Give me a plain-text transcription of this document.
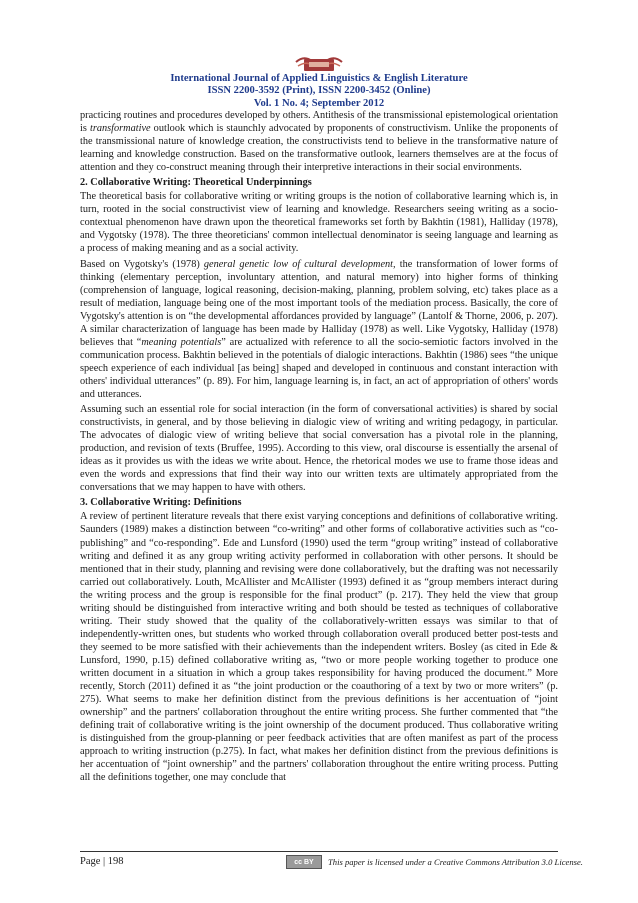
International Journal of Applied Linguistics & English Literature
ISSN 2200-3592 (Print), ISSN 2200-3452 (Online)
Vol. 1 No. 4; September 2012

practicing routines and procedures developed by others. Antithesis of the transmissional epistemological orientation is transformative outlook which is staunchly advocated by proponents of constructivism. Unlike the proponents of the transmissional nature of knowledge creation, the constructivists tend to believe in the transformative nature of learning and knowledge construction. Based on the transformative outlook, learners themselves are at the focus of attention and they co-construct meaning through their interpretive interactions in their social environments.

2. Collaborative Writing: Theoretical Underpinnings

The theoretical basis for collaborative writing or writing groups is the notion of collaborative learning which is, in turn, rooted in the social constructivist view of learning and knowledge. Researchers seeing writing as a socio-contextual phenomenon have drawn upon the theoretical frameworks set forth by Bakhtin (1981), Halliday (1978), and Vygotsky (1978). The three theoreticians' common intellectual denominator is seeing language and learning as a process of making meaning and as a social activity.

Based on Vygotsky's (1978) general genetic low of cultural development, the transformation of lower forms of thinking (elementary perception, involuntary attention, and natural memory) into higher forms of thinking (comprehension of language, logical reasoning, decision-making, planning, problem solving, etc) takes place as a result of mediation, language being one of the most important tools of the mediation process. Basically, the core of Vygotsky's attention is on “the developmental affordances provided by language” (Lantolf & Thorne, 2006, p. 207). A similar characterization of language has been made by Halliday (1978) as well. Like Vygotsky, Halliday (1978) believes that “meaning potentials” are actualized with reference to all the socio-semiotic factors involved in the communication process. Bakhtin believed in the potentials of dialogic interactions. Bakhtin (1986) sees “the unique speech experience of each individual [as being] shaped and developed in continuous and constant interaction with others' individual utterances” (p. 89). For him, language learning is, in fact, an act of appropriation of others' words and utterances.

Assuming such an essential role for social interaction (in the form of conversational activities) is shared by social constructivists, in general, and by those believing in dialogic view of writing and writing pedagogy, in particular. The advocates of dialogic view of writing believe that social conversation has a pivotal role in the planning, production, and revision of texts (Bruffee, 1995). According to this view, oral discourse is essentially the arsenal of ideas as it provides us with the ideas we write about. Hence, the rhetorical modes we use to frame those ideas and even the words and expressions that find their way into our written texts are ultimately appropriated from the conversations that we may happen to have with others.

3. Collaborative Writing: Definitions

A review of pertinent literature reveals that there exist varying conceptions and definitions of collaborative writing. Saunders (1989) makes a distinction between “co-writing” and other forms of collaborative activities such as “co-publishing” and “co-responding”. Ede and Lunsford (1990) used the term “group writing” instead of collaborative writing and defined it as any group writing activity performed in collaboration with other persons. It should be mentioned that in their study, planning and revising were done collaboratively, but the drafting was not necessarily carried out collaboratively. Louth, McAllister and McAllister (1993) defined it as “group members interact during the writing process and the group is responsible for the final product” (p. 217). They held the view that group writing should be distinguished from interactive writing and both should be tested as techniques of collaborative writing. Their study showed that the quality of the collaboratively-written essays was similar to that of independently-written ones, but students who worked through collaboration overall produced better post-tests and they seemed to be more satisfied with their achievements than the independent writers. Bosley (as cited in Ede & Lunsford, 1990, p.15) defined collaborative writing as, “two or more people working together to produce one written document in a situation in which a group takes responsibility for having produced the document.” More recently, Storch (2011) defined it as “the joint production or the coauthoring of a text by two or more writers” (p. 275). What seems to make her definition distinct from the previous definitions is her accentuation of “joint ownership” and the partners' collaboration throughout the entire writing process. She further commented that “the defining trait of collaborative writing is the joint ownership of the document produced. Thus collaborative writing is distinguished from the group-planning or peer feedback activities that are often manifest as part of the process approach to writing instruction (p.275). In fact, what makes her definition distinct from the previous definitions is her accentuation of “joint ownership” and the partners' collaboration throughout the entire writing process. Putting all the definitions together, one may conclude that

Page | 198	cc BY	This paper is licensed under a Creative Commons Attribution 3.0 License.
